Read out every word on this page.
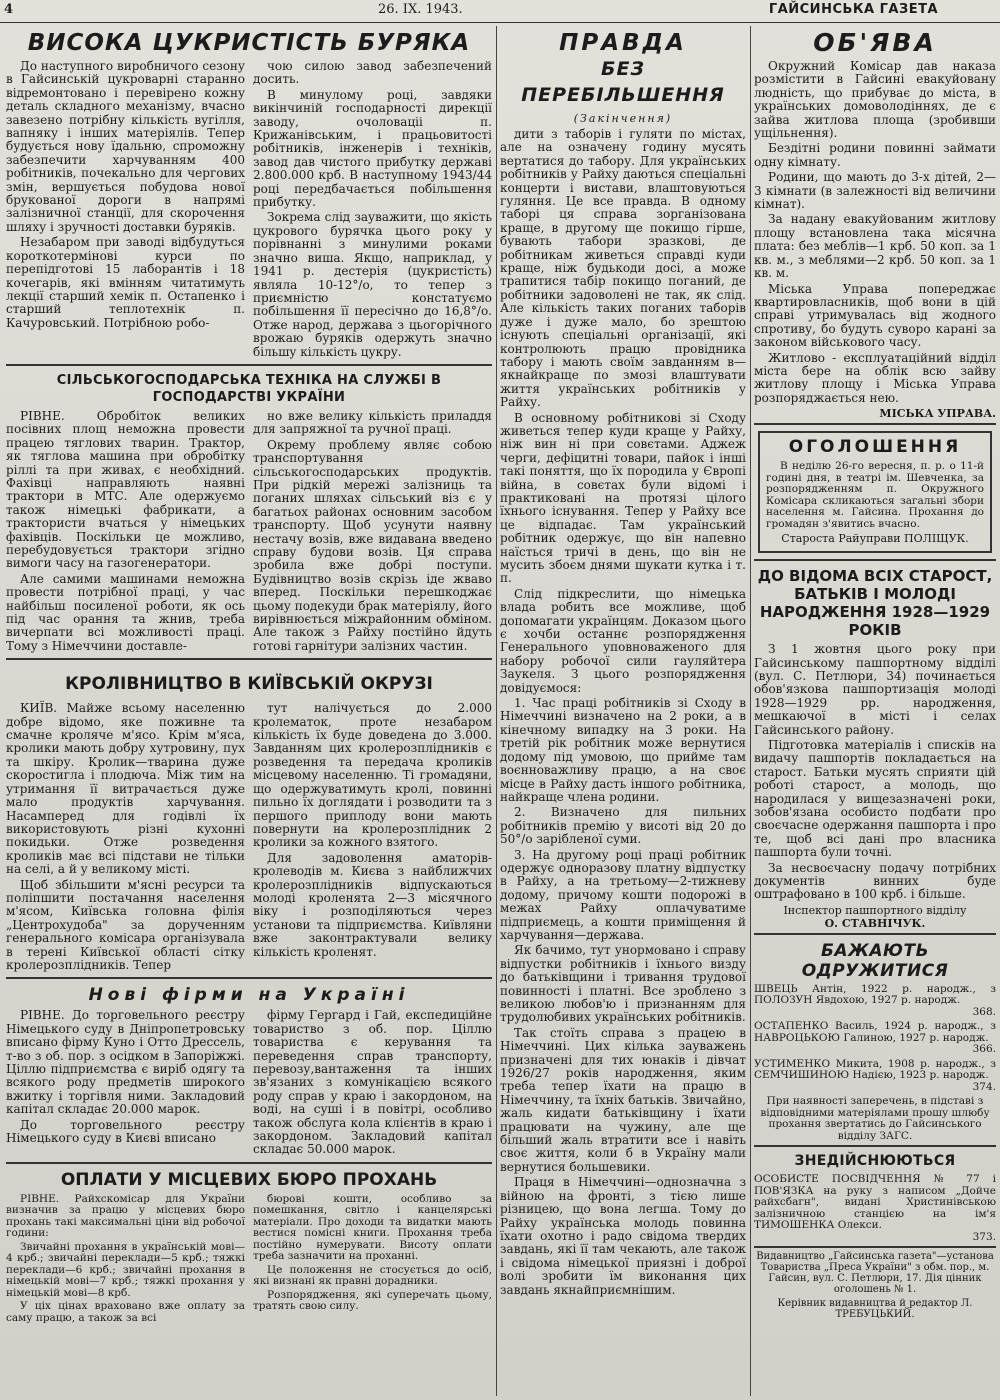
4	26. IX. 1943.	ГАЙСИНСЬКА ГАЗЕТА
ВИСОКА ЦУКРИСТІСТЬ БУРЯКА

До наступного виробничого сезону в Гайсинській цукроварні старанно відремонтовано і перевірено кожну деталь складного механізму, вчасно завезено потрібну кількість вугілля, вапняку і інших матеріялів. Тепер будується нову їдальню, спроможну забезпечити харчуванням 400 робітників, почекально для чергових змін, вершується побудова нової брукованої дороги в напрямі залізничної станції, для скорочення шляху і зручності доставки буряків.

Незабаром при заводі відбудуться короткотермінові курси по перепідготові 15 лаборантів і 18 кочегарів, які вмінням читатимуть лекції старший хемік п. Остапенко і старший теплотехнік п. Качуровський. Потрібною робо-

чою силою завод забезпечений досить.

В минулому році, завдяки викінчиній господарності дирекції заводу, очоловаціі п. Крижанівським, і працьовитості робітників, інженерів і техніків, завод дав чистого прибутку державі 2.800.000 крб. В наступному 1943/44 році передбачається побільшення прибутку.

Зокрема слід зауважити, що якість цукрового бурячка цього року у порівнанні з минулими роками значно виша. Якщо, наприклад, у 1941 р. дестерія (цукристість) являла 10-12°/о, то тепер з приємністю констатуємо побільшення її пересічно до 16,8°/о. Отже народ, держава з цьогорічного врожаю буряків одержуть значно більшу кількість цукру.

СІЛЬСЬКОГОСПОДАРСЬКА ТЕХНІКА НА СЛУЖБІ В ГОСПОДАРСТВІ УКРАЇНИ

РІВНЕ. Обробіток великих посівних площ неможна провести працею тяглових тварин. Трактор, як тяглова машина при обробітку ріллі та при живах, є необхідний. Фахівці направляють наявні трактори в МТС. Але одержуємо також німецькі фабрикати, а трактористи вчаться у німецьких фахівців. Поскільки це можливо, перебудовується трактори згідно вимоги часу на газогенератори.

Але самими машинами неможна провести потрібної праці, у час найбільш посиленої роботи, як ось під час орання та жнив, треба вичерпати всі можливості праці. Тому з Німеччини доставле-

но вже велику кількість приладдя для запряжної та ручної праці.

Окрему проблему являє собою транспортування сільськогосподарських продуктів. При рідкій мережі залізниць та поганих шляхах сільський віз є у багатьох районах основним засобом транспорту. Щоб усунути наявну нестачу возів, вже видавана введено справу будови возів. Ця справа зробила вже добрі поступи. Будівництво возів скрізь іде жваво вперед. Поскільки перешкоджає цьому подекуди брак матеріялу, його вирівнюється міжрайонним обміном. Але також з Райху постійно йдуть готові гарнітури залізних частин.

КРОЛІВНИЦТВО В КИЇВСЬКІЙ ОКРУЗІ

КИЇВ. Майже всьому населенню добре відомо, яке поживне та смачне кроляче м'ясо. Крім м'яса, кролики мають добру хутровину, пух та шкіру. Кролик—тварина дуже скоростигла і плодюча. Між тим на утримання її витрачається дуже мало продуктів харчування. Насамперед для годівлі їх використовують різні кухонні покидьки. Отже розведення кроликів має всі підстави не тільки на селі, а й у великому місті.

Щоб збільшити м'ясні ресурси та поліпшити постачання населення м'ясом, Київська головна філія „Центрохудоба" за дорученням генерального комісара організувала в терені Київської області сітку кролерозплідників. Тепер

тут налічується до 2.000 кролематок, проте незабаром кількість їх буде доведена до 3.000. Завданням цих кролерозплідників є розведення та передача кроликів місцевому населенню. Ті громадяни, що одержуватимуть кролі, повинні пильно їх доглядати і розводити та з першого приплоду вони мають повернути на кролерозплідник 2 кролики за кожного взятого.

Для задоволення аматорів-кролеводів м. Києва з найближчих кролерозплідників відпускаються молоді кроленята 2—3 місячного віку і розподіляються через установи та підприємства. Київляни вже законтрактували велику кількість кроленят.

Нові фірми на Україні

РІВНЕ. До торговельного реєстру Німецького суду в Дніпропетровську вписано фірму Куно і Отто Дрессель, т-во з об. пор. з осідком в Запоріжжі. Ціллю підприємства є виріб одягу та всякого роду предметів широкого вжитку і торгівля ними. Закладовий капітал складає 20.000 марок.

До торговельного реєстру Німецького суду в Києві вписано

фірму Гергард і Гай, експедиційне товариство з об. пор. Ціллю товариства є керування та переведення справ транспорту, перевозу,вантаження та інших зв'язаних з комунікацією всякого роду справ у краю і закордоном, на воді, на суші і в повітрі, особливо також обслуга кола клієнтів в краю і закордоном. Закладовий капітал складає 50.000 марок.

ОПЛАТИ У МІСЦЕВИХ БЮРО ПРОХАНЬ

РІВНЕ. Райхскомісар для України визначив за працю у місцевих бюро прохань такі максимальні ціни від робочої години:

Звичайні прохання в українській мові—4 крб.; звичайні переклади—5 крб.; тяжкі переклади—6 крб.; звичайні прохання в німецькій мові—7 крб.; тяжкі прохання у німецькій мові—8 крб.

У ціх цінах враховано вже оплату за саму працю, а також за всі

бюрові кошти, особливо за помешкання, світло і канцелярські матеріали. Про доходи та видатки мають вестися помісні книги. Прохання треба постійно нумерувати. Висоту оплати треба зазначити на проханні.

Це положення не стосується до осіб, які визнані як правні дорадники.

Розпорядження, які суперечать цьому, тратять свою силу.

ПРАВДА
БЕЗ ПЕРЕБІЛЬШЕННЯ
(Закінчення)

дити з таборів і гуляти по містах, але на означену годину мусять вертатися до табору. Для українських робітників у Райху даються спеціальні концерти і вистави, влаштовуються гуляння. Це все правда. В одному таборі ця справа зорганізована краще, в другому ще покищо гірше, бувають табори зразкові, де робітникам живеться справді куди краще, ніж будькоди досі, а може трапитися табір покищо поганий, де робітники задоволені не так, як слід. Але кількість таких поганих таборів дуже і дуже мало, бо зрештою існують спеціальні організації, які контролюють працю провідника табору і мають своїм завданням в—якнайкраще по змозі влаштувати життя українських робітників у Райху.

В основному робітникові зі Сходу живеться тепер куди краще у Райху, ніж вин ні при совєтами. Аджеж черги, дефіцитні товари, пайок і інші такі поняття, що їх породила у Європі війна, в совєтах були відомі і практиковані на протязі цілого їхнього існування. Тепер у Райху все це відпадає. Там український робітник одержує, що він напевно наїсться тричі в день, що він не мусить збоєм днями шукати кутка і т. п.

Слід підкреслити, що німецька влада робить все можливе, щоб допомагати українцям. Доказом цього є хочби останнє розпорядження Генерального уповноваженого для набору робочої сили гауляйтера Заукеля. З цього розпорядження довідуємося:

1. Час праці робітників зі Сходу в Німеччині визначено на 2 роки, а в кінечному випадку на 3 роки. На третій рік робітник може вернутися додому під умовою, що прийме там воєнноважливу працю, а на своє місце в Райху дасть іншого робітника, найкраще члена родини.

2. Визначено для пильних робітників премію у висоті від 20 до 50°/о зарібленої суми.

3. На другому році праці робітник одержує одноразову платну відпустку в Райху, а на третьому—2-тижневу додому, причому кошти подорожі в межах Райху оплачуватиме підприємець, а кошти приміщення й харчування—держава.

Як бачимо, тут унормовано і справу відпустки робітників і їхнього визду до батьківщини і тривання трудової повинності і платні. Все зроблено з великою любов'ю і признанням для трудолюбивих українських робітників.

Так стоїть справа з працею в Німеччині. Цих кілька зауважень призначені для тих юнаків і дівчат 1926/27 років народження, яким треба тепер їхати на працю в Німеччину, та їхніх батьків. Звичайно, жаль кидати батьківщину і їхати працювати на чужину, але ще більший жаль втратити все і навіть своє життя, коли б в Україну мали вернутися большевики.

Праця в Німеччині—однозначна з війною на фронті, з тією лише різницею, що вона легша. Тому до Райху українська молодь повинна їхати охотно і радо свідома твердих завдань, які її там чекають, але також і свідома німецької приязні і доброї волі зробити їм виконання цих завдань якнайприємнішим.

ОБ'ЯВА

Окружний Комісар дав наказа розмістити в Гайсині евакуйовану людність, що прибуває до міста, в українських домоволодіннях, де є зайва житлова площа (зробивши ущільнення).

Бездітні родини повинні займати одну кімнату.

Родини, що мають до 3-х дітей, 2—3 кімнати (в залежності від величини кімнат).

За надану евакуйованим житлову площу встановлена така місячна плата: без меблів—1 крб. 50 коп. за 1 кв. м., з меблями—2 крб. 50 коп. за 1 кв. м.

Міська Управа попереджає квартировласників, щоб вони в цій справі утримувалась від жодного спротиву, бо будуть суворо карані за законом військового часу.

Житлово - експлуатаційний відділ міста бере на облік всю зайву житлову площу і Міська Управа розпоряджається нею.

МІСЬКА УПРАВА.
ОГОЛОШЕННЯ

В неділю 26-го вересня, п. р. о 11-й годині дня, в театрі ім. Шевченка, за розпорядженням п. Окружного Комісара скликаються загальні збори населення м. Гайсина. Прохання до громадян з'явитись вчасно.

Староста Райуправи ПОЛІЩУК.
ДО ВІДОМА ВСІХ СТАРОСТ, БАТЬКІВ І МОЛОДІ НАРОДЖЕННЯ 1928—1929 РОКІВ

З 1 жовтня цього року при Гайсинському пашпортному відділі (вул. С. Петлюри, 34) починається обов'язкова пашпортизація молоді 1928—1929 рр. народження, мешкаючої в місті і селах Гайсинського району.

Підготовка матеріалів і списків на видачу пашпортів покладається на старост. Батьки мусять сприяти цій роботі старост, а молодь, що народилася у вищезазначені роки, зобов'язана особисто подбати про своєчасне одержання пашпорта і про те, щоб всі дані про власника пашпорта були точні.

За несвоєчасну подачу потрібних документів винних буде оштрафовано в 100 крб. і більше.

Інспектор пашпортного відділу
О. СТАВНІЧУК.
БАЖАЮТЬ ОДРУЖИТИСЯ
ШВЕЦЬ Антін, 1922 р. народж., з ПОЛОЗУН Явдохою, 1927 р. народж.
368.
ОСТАПЕНКО Василь, 1924 р. народж., з НАВРОЦЬКОЮ Галиною, 1927 р. народж.
366.
УСТИМЕНКО Микита, 1908 р. народж., з СЕМЧИШИНОЮ Надією, 1923 р. народж.
374.
При наявності заперечень, в підставі з відповідними матеріялами прошу шлюбу прохання звертатись до Гайсинського відділу ЗАГС.
ЗНЕДІЙСНЮЮТЬСЯ
ОСОБИСТЕ ПОСВІДЧЕННЯ № 77 і ПОВ'ЯЗКА на руку з написом „Дойче райхсбагн", видані Христинівською залізничною станцією на ім'я ТИМОШЕНКА Олекси.
373.
Видавництво „Гайсинська газета"—установа Товариства „Преса України" з обм. пор., м. Гайсин, вул. С. Петлюри, 17. Дія цінник оголошень № 1.
Керівник видавництва й редактор Л. ТРЕБУЦЬКИЙ.
